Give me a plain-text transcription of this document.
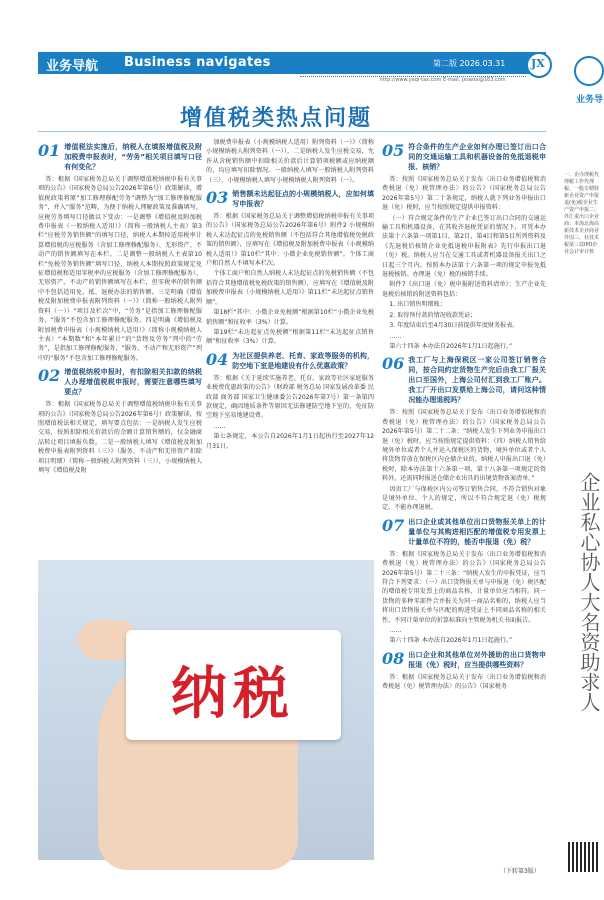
业务导航 Business navigates	第二版 2026.03.31 JX
http://www.yaqi-tax.com E-mail: jxswxx@163.com
增值税类热点问题
01 增值税法实施后，纳税人在填报增值税及附加税费申报表时，“劳务”相关项目填写口径有何变化？

答：根据《国家税务总局关于调整增值税纳税申报有关事项的公告》（国家税务总局公告2026年第6号）政策解读，增值税政策将原“加工修理修配劳务”调整为“加工修理修配服务”，并入“服务”范畴，为便于纳税人理解政策及准确填写，应税劳务填写口径做以下变动：一是调整《增值税及附加税费申报表（一般纳税人适用）》（简称一般纳税人主表）第3栏“应税劳务销售额”的填写口径，纳税人本期按适用税率计算增值税的应税服务（含加工修理修配服务）、无形资产、不动产的销售额填写在本栏。二是调整一般纳税人主表第10栏“免税劳务销售额”填写口径，纳税人本期按照政策规定免征增值税和适用零税率的应税服务（含加工修理修配服务）、无形资产、不动产的销售额填写在本栏，但零税率的销售额中不包括适用免、抵、退税办法的销售额。三是明确《增值税及附加税费申报表附列资料（一）》（简称一般纳税人附列资料（一））“项目及栏次”中，“劳务”是指加工修理修配服务，“服务”不包含加工修理修配服务。四是明确《增值税及附加税费申报表（小规模纳税人适用）》（简称小规模纳税人主表）“本期数”和“本年累计”的“货物及劳务”列中的“劳务”，是指加工修理修配服务，“服务、不动产和无形资产”列中的“服务”不包含加工修理修配服务。

02 增值税纳税申报时，有扣除相关扣款的纳税人办理增值税税申报时，需要注意哪些填写要点？

答：根据《国家税务总局关于调整增值税纳税申报有关事项的公告》（国家税务总局公告2026年第6号）政策解读，按照增值税法相关规定，填写要点包括：一是纳税人发生应税交易，按照扣除相关价款后的余额计算销售额的，仅金融商品转让项目填报负数。二是一般纳税人填写《增值税及附加税费申报表附列资料（三）》（服务、不动产和无形资产扣除项目明细）（简称一般纳税人附列资料（三）），小规模纳税人填写《增值税及附

加税费申报表（小规模纳税人适用）附列资料（一）》（简称小规模纳税人附列资料（一）），二是纳税人发生应税交易，允许从含税销售额中扣除相关价款后计算销项税额或应纳税额的，均应填写扣除情况。一般纳税人填写一般纳税人附列资料（三），小规模纳税人填写小规模纳税人附列资料（一）。

03 销售额未达起征点的小规模纳税人，应如何填写申报表？

答：根据《国家税务总局关于调整增值税纳税申报有关事项的公告》（国家税务总局公告2026年第6号）附件2 小规模纳税人未达起征点的免税销售额（不包括符合其他增值税免税政策的销售额），应填写在《增值税及附加税费申报表（小规模纳税人适用）》第10栏“其中：小微企业免税销售额”。个体工商户和自然人不填写本栏次。

个体工商户和自然人纳税人未达起征点的免税销售额（不包括符合其他增值税免税政策的销售额），应填写在《增值税及附加税费申报表（小规模纳税人适用）》第11栏“未达起征点销售额”。

第18栏“其中：小微企业免税额”根据第10栏“小微企业免税销售额”和征收率（3%）计算。

第19栏“未达起征点免税额”根据第11栏“未达起征点销售额”和征收率（3%）计算。

04 为社区提供养老、托育、家政等服务的机构，防空地下室是地建设有什么优惠政策？

答：根据《关于延续实施养老、托育、家政等社区家庭服务业税费优惠政策的公告》（财政部 税务总局 国家发展改革委 民政部 商务部 国家卫生健康委公告2026年第7号）第一条第四款规定，确因地质条件等原因无法修建防空地下室的，免征防空地下室易地建设费。

……

第七条规定，本公告自2026年1月1日起执行至2027年12月31日。

05 符合条件的生产企业如何办理已签订出口合同的交通运输工具和机器设备的免抵退税申报、核销？

答：按照《国家税务总局关于发布〈出口业务增值税和消费税退（免）税管理办法〉的公告》（国家税务总局公告2026年第5号）第二十条规定，纳税人就下列业务申报出口退（免）税时，应当按照规定提供申报资料：

（一）符合规定条件的生产企业已签订出口合同的交通运输工具和机器设备，在其收齐退税凭证的情况下，可凭本办法第十六条第一项第1目、第2目、第4目和第5目所列资料及《先退税后核销企业免抵退税申报附表》先行申报出口退（免）税。纳税人应当在交通工具或者机器设备报关出口之日起三个月内，按照本办法第十六条第一项的规定申报免抵退税核销。办理退（免）税的核销手续。

附件7《出口退（免）税申报附送资料清单》：生产企业先退税后核销的附送资料包括：

1. 出口销售明细账；

2. 取得预付款的情况收款凭证；

3. 年度结束后至4月30日前提供年度财务报表。

……

第六十四条 本办法自2026年1月1日起施行。”

06 我工厂与上海保税区一家公司签订销售合同，按合同约定货物生产完后由我工厂报关出口至国外，上海公司付汇到我工厂账户。我工厂开出口发票给上海公司，请问这种情况能办理退税吗？

答：按照《国家税务总局关于发布〈出口业务增值税和消费税退（免）税管理办法〉的公告》（国家税务总局公告2026年第5号）第二十二条：“纳税人发生下列业务申报出口退（免）税时，应当按照规定提供资料：（四）纳税人销售给境外单位或者个人并运入保税区的货物，境外单位或者个人将货物存放在保税区内仓储企业的，纳税人申报出口退（免）税时，除本办法第十六条第一项、第十八条第一项规定的资料外，还需同时报送仓储企业出具的出境货物备案清单。”

因贵工厂与保税区内公司签订销售合同，不符合销售对象是境外单位、个人的规定，所以不符合规定退（免）税规定，不能办理退税。

07 出口企业或其他单位出口货物报关单上的计量单位与其购进相匹配的增值税专用发票上计量单位不符的，能否申报退（免）税？

答：根据《国家税务总局关于发布〈出口业务增值税和消费税退（免）税管理办法〉的公告》（国家税务总局公告2026年第5号）第二十三条：“纳税人发生的申报凭证，应当符合下列要求：（一）出口货物报关单与申报退（免）税匹配的增值税专用发票上的商品名称、计量单位应当相符。同一货物的多种零部件合并报关为同一商品名称的，纳税人应当将出口货物报关单与匹配的购进凭证上不同商品名称的相关性、不同计量单位的折算标准向主管税务机关书面报告。

……

第六十四条 本办法自2026年1月1日起施行。”

08 出口企业和其他单位对外援助的出口货物申报退（免）税时，应当提供哪些资料？

答：根据《国家税务总局关于发布〈出口业务增值税和消费税退（免）税管理办法〉的公告》（国家税务

纳税
（下转第3版）
业务导
一、企办理税代理税工作代理税、一般专精特新企业资产申报退(免)税企业生产资产申报二、外汇重出口企业商：本海北海高新技术企业商业外国三、社技术税第三款IPO企业会计审计核
企业私心协人大名资助求人
